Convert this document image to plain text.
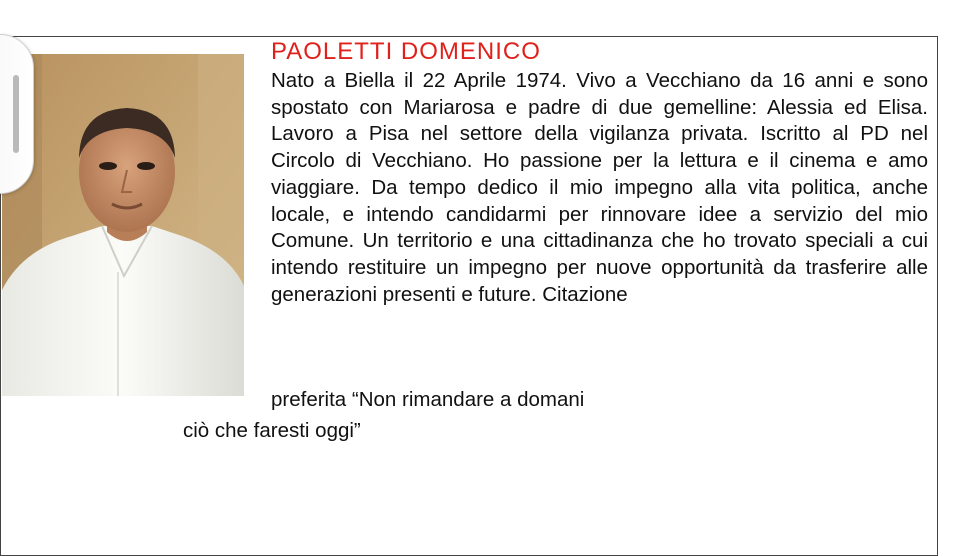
PAOLETTI DOMENICO
Nato a Biella il 22 Aprile 1974. Vivo a Vecchiano da 16 anni e sono spostato con Mariarosa e padre di due gemelline: Alessia ed Elisa. Lavoro a Pisa nel settore della vigilanza privata. Iscritto al PD nel Circolo di Vecchiano. Ho passione per la lettura e il cinema e amo viaggiare. Da tempo dedico il mio impegno alla vita politica, anche locale, e intendo candidarmi per rinnovare idee a servizio del mio Comune. Un territorio e una cittadinanza che ho trovato speciali a cui intendo restituire un impegno per nuove opportunità da trasferire alle generazioni presenti e future. Citazione
preferita “Non rimandare a domani
ciò che faresti oggi”
